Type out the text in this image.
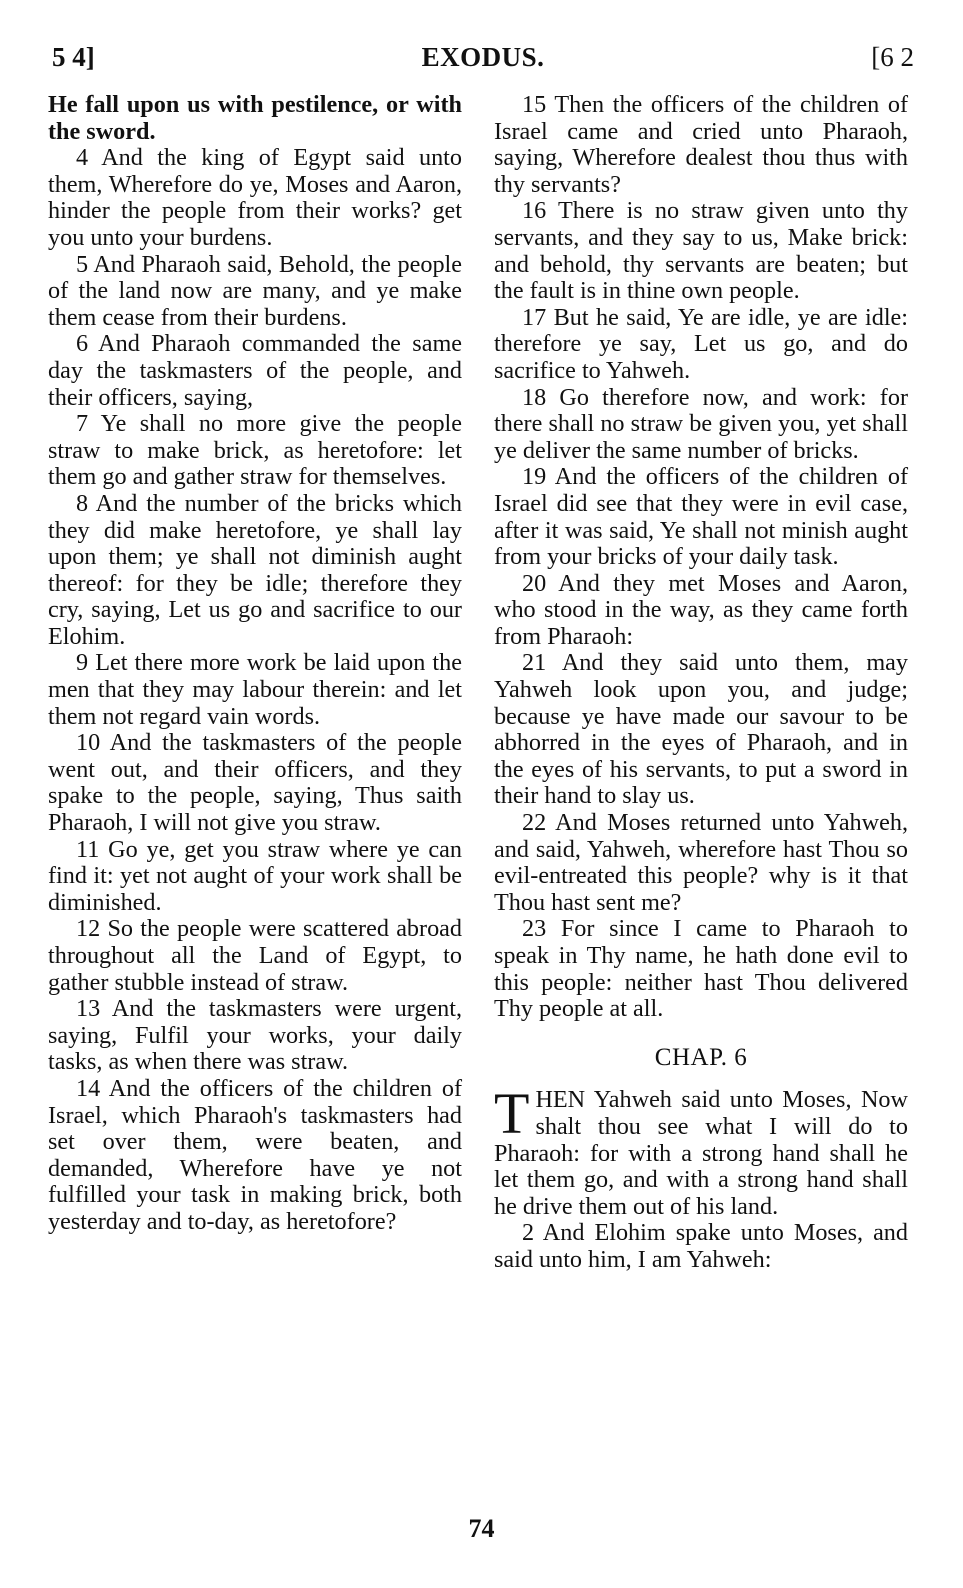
5 4]	EXODUS.	[6 2

He fall upon us with pestilence, or with the sword.

4 And the king of Egypt said unto them, Wherefore do ye, Moses and Aaron, hinder the people from their works? get you unto your burdens.

5 And Pharaoh said, Behold, the people of the land now are many, and ye make them cease from their burdens.

6 And Pharaoh commanded the same day the taskmasters of the people, and their officers, saying,

7 Ye shall no more give the people straw to make brick, as heretofore: let them go and gather straw for themselves.

8 And the number of the bricks which they did make heretofore, ye shall lay upon them; ye shall not diminish aught thereof: for they be idle; therefore they cry, saying, Let us go and sacrifice to our Elohim.

9 Let there more work be laid upon the men that they may labour therein: and let them not regard vain words.

10 And the taskmasters of the people went out, and their officers, and they spake to the people, saying, Thus saith Pharaoh, I will not give you straw.

11 Go ye, get you straw where ye can find it: yet not aught of your work shall be diminished.

12 So the people were scattered abroad throughout all the Land of Egypt, to gather stubble instead of straw.

13 And the taskmasters were urgent, saying, Fulfil your works, your daily tasks, as when there was straw.

14 And the officers of the children of Israel, which Pharaoh's taskmasters had set over them, were beaten, and demanded, Wherefore have ye not fulfilled your task in making brick, both yesterday and to-day, as heretofore?

15 Then the officers of the children of Israel came and cried unto Pharaoh, saying, Wherefore dealest thou thus with thy servants?

16 There is no straw given unto thy servants, and they say to us, Make brick: and behold, thy servants are beaten; but the fault is in thine own people.

17 But he said, Ye are idle, ye are idle: therefore ye say, Let us go, and do sacrifice to Yahweh.

18 Go therefore now, and work: for there shall no straw be given you, yet shall ye deliver the same number of bricks.

19 And the officers of the children of Israel did see that they were in evil case, after it was said, Ye shall not minish aught from your bricks of your daily task.

20 And they met Moses and Aaron, who stood in the way, as they came forth from Pharaoh:

21 And they said unto them, may Yahweh look upon you, and judge; because ye have made our savour to be abhorred in the eyes of Pharaoh, and in the eyes of his servants, to put a sword in their hand to slay us.

22 And Moses returned unto Yahweh, and said, Yahweh, wherefore hast Thou so evil-entreated this people? why is it that Thou hast sent me?

23 For since I came to Pharaoh to speak in Thy name, he hath done evil to this people: neither hast Thou delivered Thy people at all.

CHAP. 6

THEN Yahweh said unto Moses, Now shalt thou see what I will do to Pharaoh: for with a strong hand shall he let them go, and with a strong hand shall he drive them out of his land.

2 And Elohim spake unto Moses, and said unto him, I am Yahweh:

74
